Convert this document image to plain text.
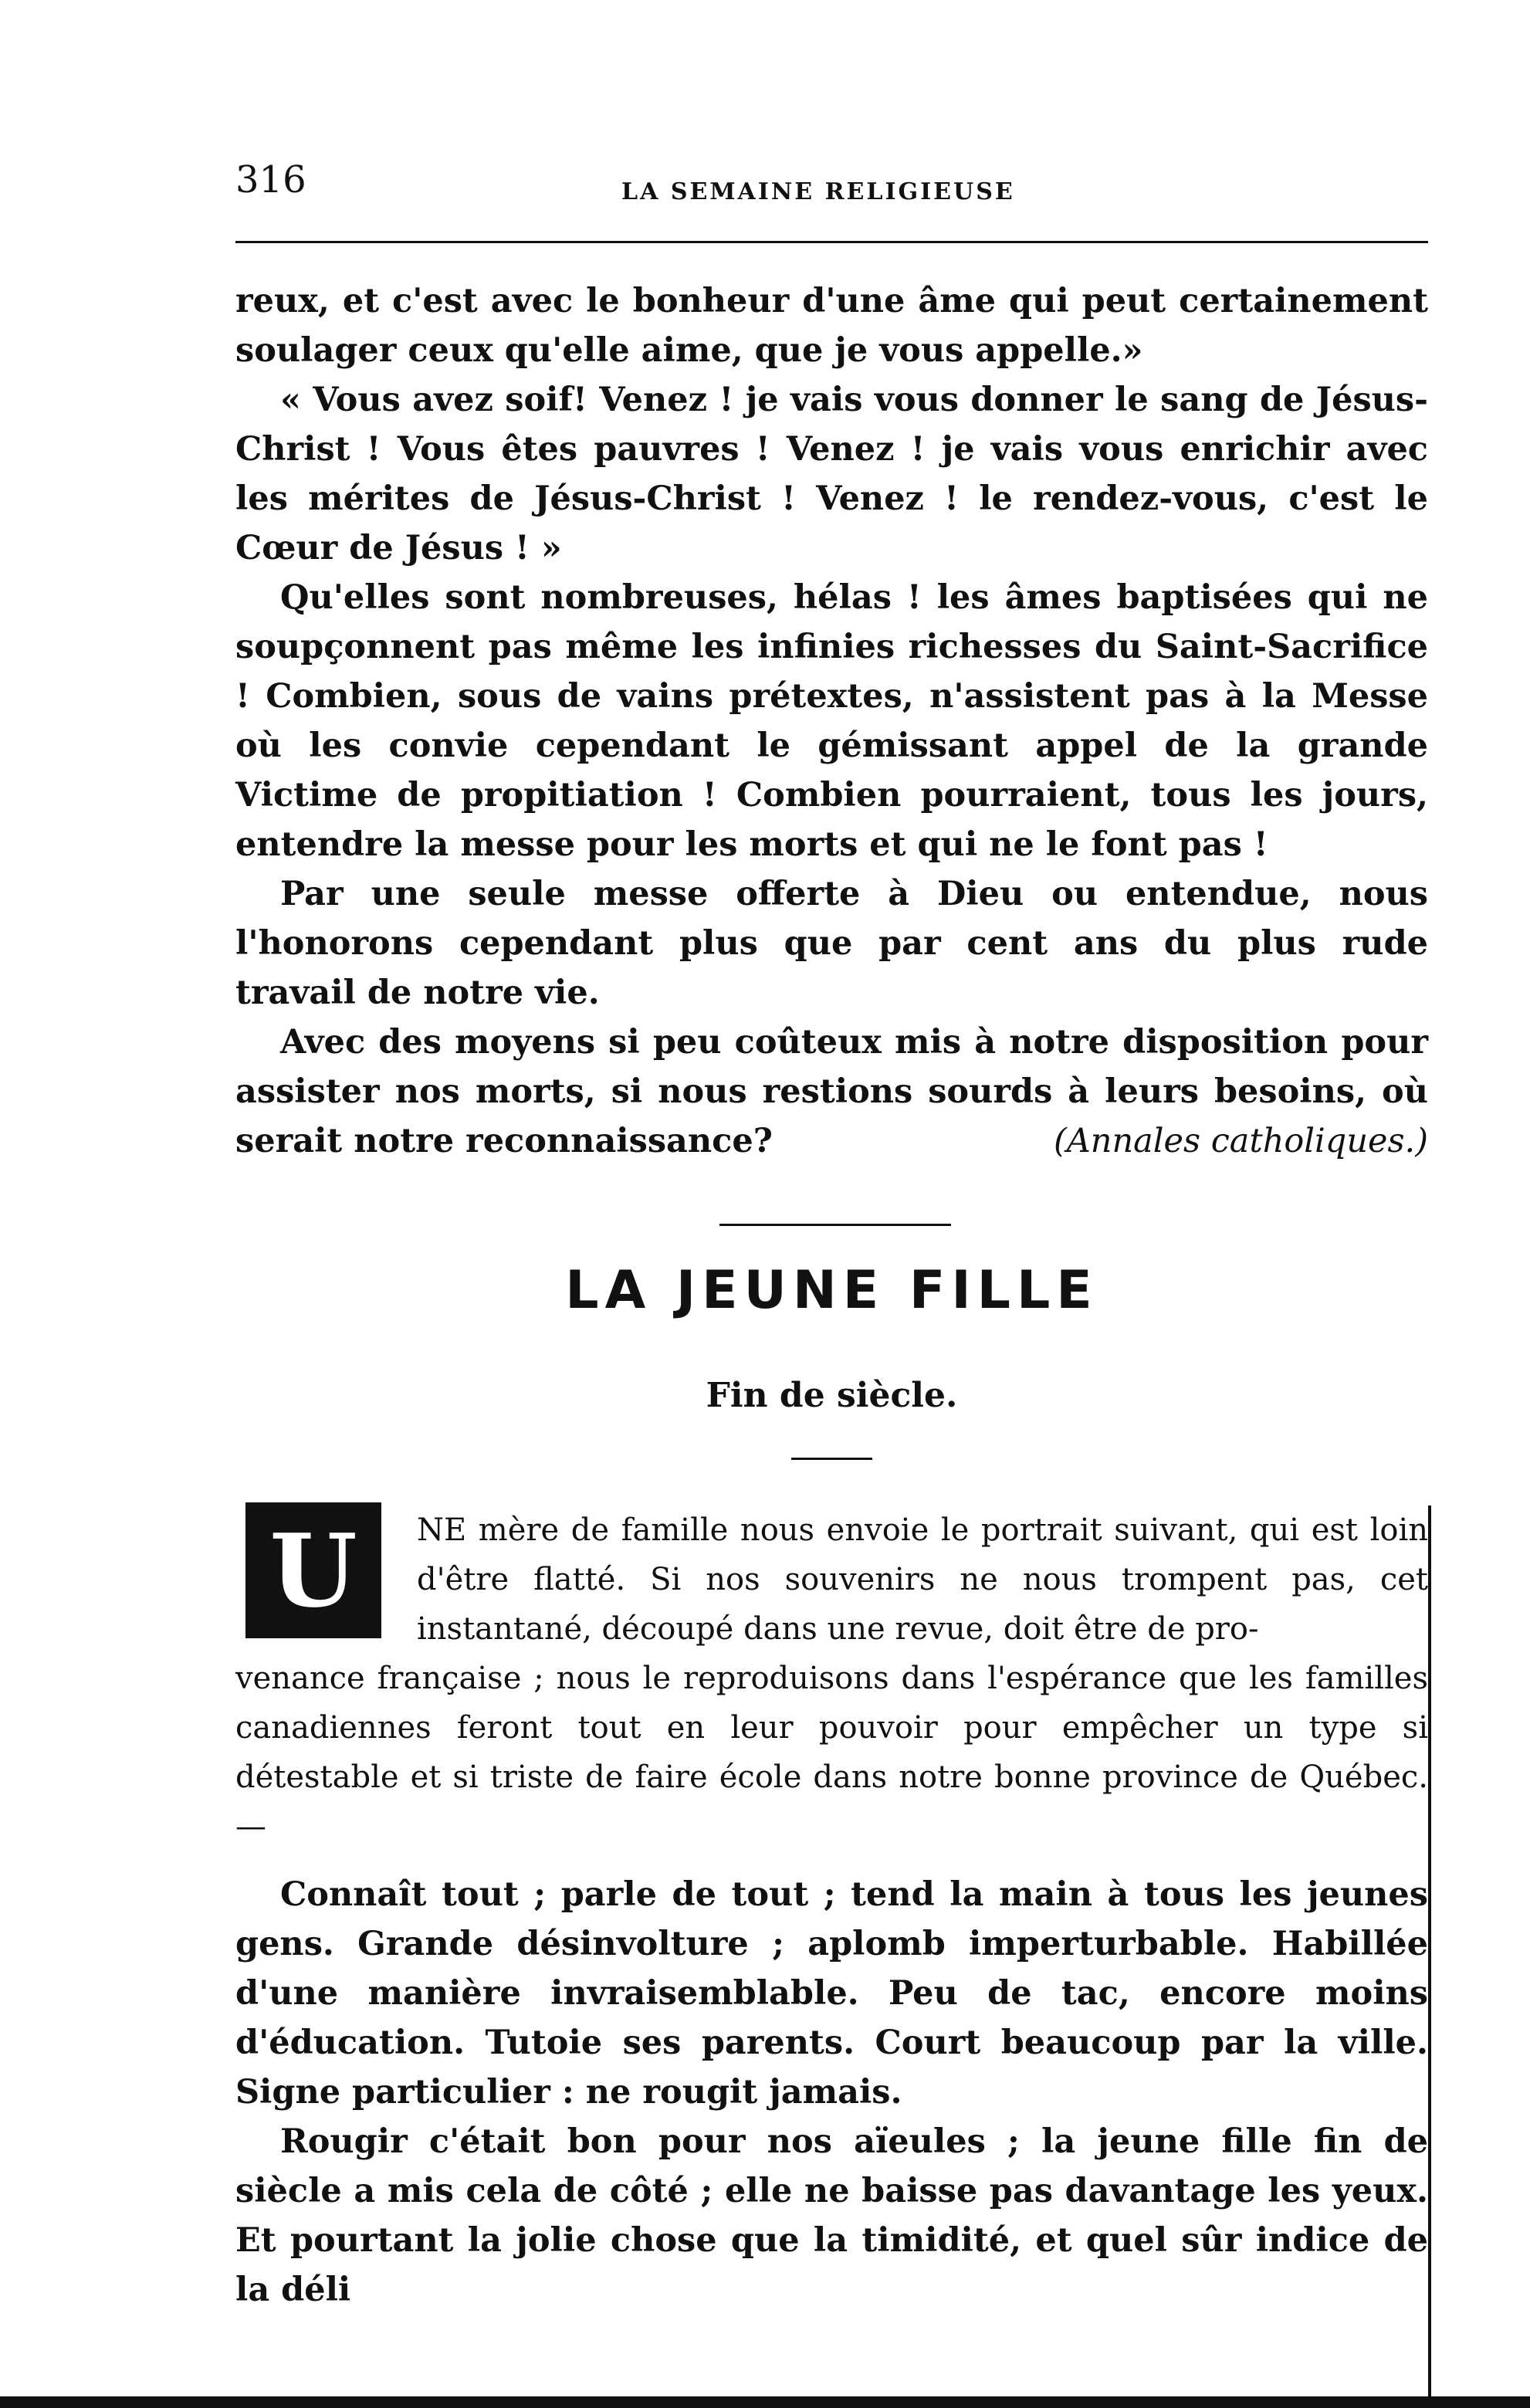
316	LA SEMAINE RELIGIEUSE

reux, et c'est avec le bonheur d'une âme qui peut certainement soulager ceux qu'elle aime, que je vous appelle.»

« Vous avez soif! Venez ! je vais vous donner le sang de Jésus-Christ ! Vous êtes pauvres ! Venez ! je vais vous enrichir avec les mérites de Jésus-Christ ! Venez ! le rendez-vous, c'est le Cœur de Jésus ! »

Qu'elles sont nombreuses, hélas ! les âmes baptisées qui ne soupçonnent pas même les infinies richesses du Saint-Sacrifice ! Combien, sous de vains prétextes, n'assistent pas à la Messe où les convie cependant le gémissant appel de la grande Victime de propitiation ! Combien pourraient, tous les jours, entendre la messe pour les morts et qui ne le font pas !

Par une seule messe offerte à Dieu ou entendue, nous l'honorons cependant plus que par cent ans du plus rude travail de notre vie.

Avec des moyens si peu coûteux mis à notre disposition pour assister nos morts, si nous restions sourds à leurs besoins, où serait notre reconnaissance?	(Annales catholiques.)

LA JEUNE FILLE
Fin de siècle.
U	NE mère de famille nous envoie le portrait suivant, qui est loin d'être flatté. Si nos souvenirs ne nous trompent pas, cet instantané, découpé dans une revue, doit être de pro-

venance française ; nous le reproduisons dans l'espérance que les familles canadiennes feront tout en leur pouvoir pour empêcher un type si détestable et si triste de faire école dans notre bonne province de Québec. —

Connaît tout ; parle de tout ; tend la main à tous les jeunes gens. Grande désinvolture ; aplomb imperturbable. Habillée d'une manière invraisemblable. Peu de tac, encore moins d'éducation. Tutoie ses parents. Court beaucoup par la ville. Signe particulier : ne rougit jamais.

Rougir c'était bon pour nos aïeules ; la jeune fille fin de siècle a mis cela de côté ; elle ne baisse pas davantage les yeux. Et pourtant la jolie chose que la timidité, et quel sûr indice de la déli
